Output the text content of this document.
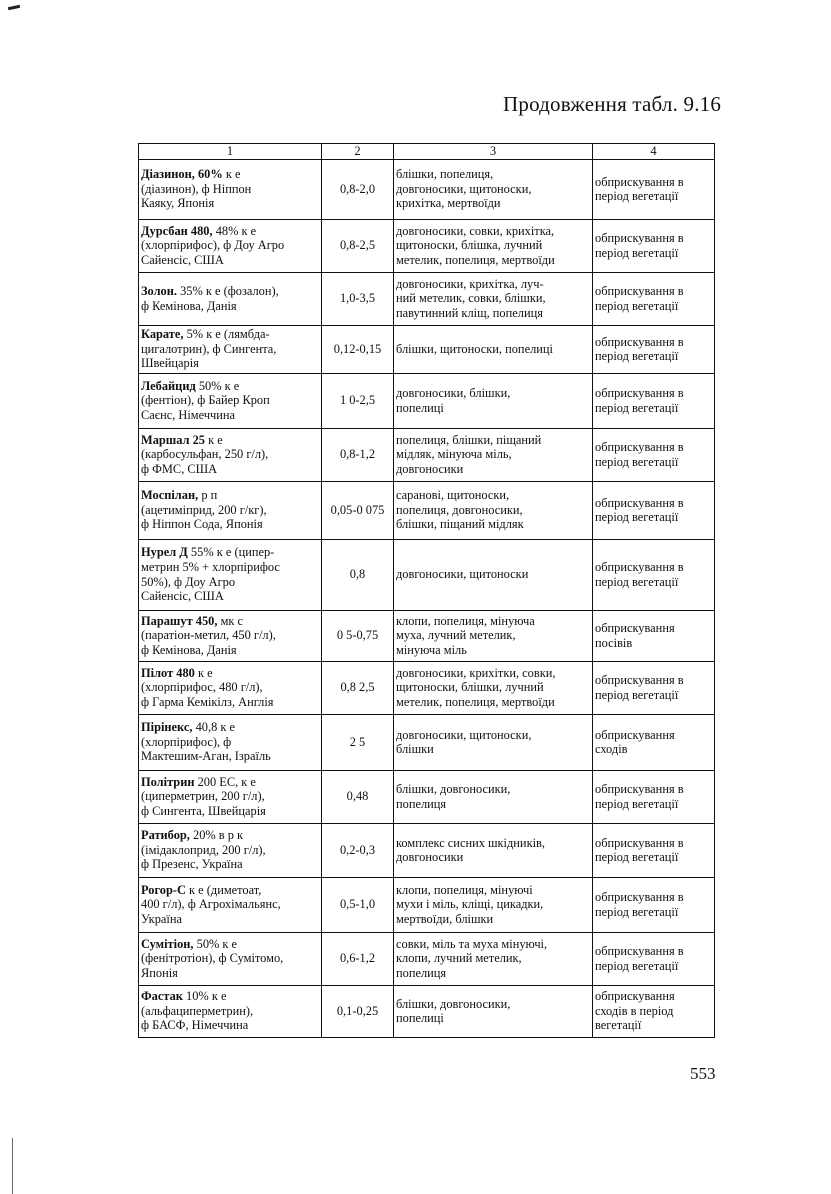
Продовження табл. 9.16
1	2	3	4

Діазинон, 60% к е
(діазинон), ф Ніппон
Каяку, Японія	0,8-2,0	блішки, попелиця,
довгоносики, щитоноски,
крихітка, мертвоїди	обприскування в
період вегетації

Дурсбан 480, 48% к е
(хлорпірифос), ф Доу Агро
Сайенсіс, США	0,8-2,5	довгоносики, совки, крихітка,
щитоноски, блішка, лучний
метелик, попелиця, мертвоїди	обприскування в
період вегетації

Золон. 35% к е (фозалон),
ф Кемінова, Данія	1,0-3,5	довгоносики, крихітка, луч-
ний метелик, совки, блішки,
павутинний кліщ, попелиця	обприскування в
період вегетації

Карате, 5% к е (лямбда-
цигалотрин), ф Сингента,
Швейцарія	0,12-0,15	блішки, щитоноски, попелиці	обприскування в
період вегетації

Лебайцид 50% к е
(фентіон), ф Байер Кроп
Саєнс, Німеччина	1 0-2,5	довгоносики, блішки,
попелиці	обприскування в
період вегетації

Маршал 25 к е
(карбосульфан, 250 г/л),
ф ФМС, США	0,8-1,2	попелиця, блішки, піщаний
мідляк, мінуюча міль,
довгоносики	обприскування в
період вегетації

Моспілан, р п
(ацетиміприд, 200 г/кг),
ф Ніппон Сода, Японія	0,05-0 075	сарановi, щитоноски,
попелиця, довгоносики,
блішки, піщаний мідляк	обприскування в
період вегетації

Нурел Д 55% к е (ципер-
метрин 5% + хлорпірифос
50%), ф Доу Агро
Сайенсіс, США	0,8	довгоносики, щитоноски	обприскування в
період вегетації

Парашут 450, мк с
(паратіон-метил, 450 г/л),
ф Кемінова, Данія	0 5-0,75	клопи, попелиця, мінуюча
муха, лучний метелик,
мінуюча міль	обприскування
посівів

Пілот 480 к е
(хлорпірифос, 480 г/л),
ф Гарма Кемікілз, Англія	0,8 2,5	довгоносики, крихітки, совки,
щитоноски, блішки, лучний
метелик, попелиця, мертвоїди	обприскування в
період вегетації

Пірінекс, 40,8 к е
(хлорпірифос), ф
Мактешим-Аган, Ізраїль	2 5	довгоносики, щитоноски,
блішки	обприскування
сходів

Політрин 200 ЕС, к е
(циперметрин, 200 г/л),
ф Сингента, Швейцарія	0,48	блішки, довгоносики,
попелиця	обприскування в
період вегетації

Ратибор, 20% в р к
(імідаклоприд, 200 г/л),
ф Презенс, Україна	0,2-0,3	комплекс сисних шкідників,
довгоносики	обприскування в
період вегетації

Рогор-С к е (диметоат,
400 г/л), ф Агрохімальянс,
Україна	0,5-1,0	клопи, попелиця, мінуючі
мухи і міль, кліщі, цикадки,
мертвоїди, блішки	обприскування в
період вегетації

Сумітіон, 50% к е
(фенітротіон), ф Сумітомо,
Японія	0,6-1,2	совки, міль та муха мінуючі,
клопи, лучний метелик,
попелиця	обприскування в
період вегетації

Фастак 10% к е
(альфациперметрин),
ф БАСФ, Німеччина	0,1-0,25	блішки, довгоносики,
попелиці	обприскування
сходів в період
вегетації
553
